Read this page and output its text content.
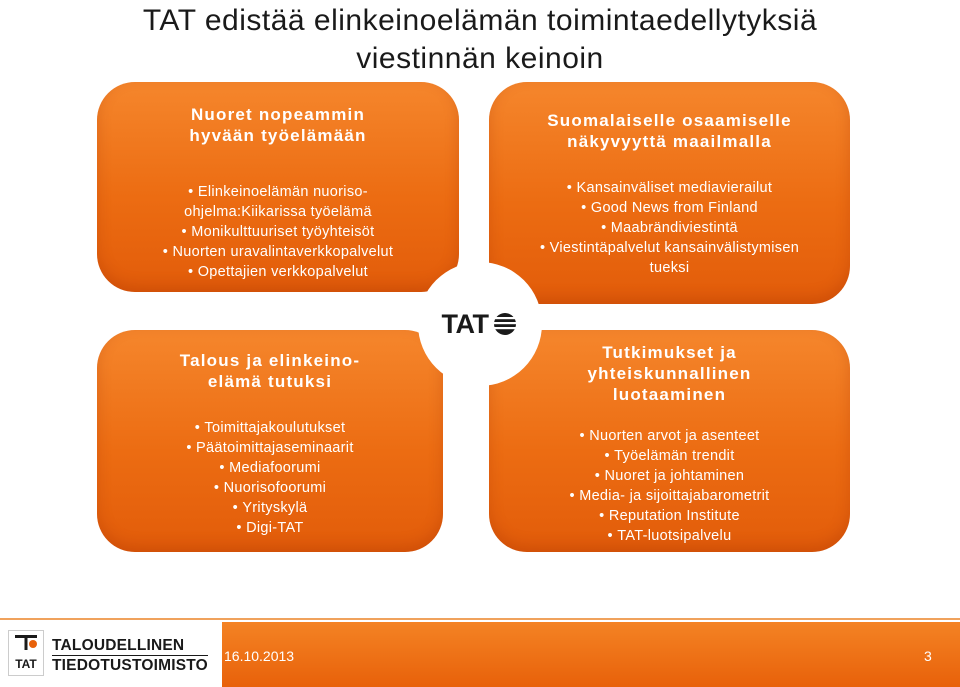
TAT edistää elinkeinoelämän toimintaedellytyksiä
viestinnän keinoin
Nuoret nopeammin
hyvään työelämään
• Elinkeinoelämän nuoriso-
ohjelma:Kiikarissa työelämä
• Monikulttuuriset työyhteisöt
• Nuorten uravalintaverkkopalvelut
• Opettajien verkkopalvelut
Suomalaiselle osaamiselle
näkyvyyttä maailmalla
• Kansainväliset mediavierailut
• Good News from Finland
• Maabrändiviestintä
• Viestintäpalvelut kansainvälistymisen
tueksi
Talous ja elinkeino-
elämä tutuksi
• Toimittajakoulutukset
• Päätoimittajaseminaarit
• Mediafoorumi
• Nuorisofoorumi
• Yrityskylä
• Digi-TAT
Tutkimukset ja
yhteiskunnallinen
luotaaminen
• Nuorten arvot ja asenteet
• Työelämän trendit
• Nuoret ja johtaminen
• Media- ja sijoittajabarometrit
• Reputation Institute
• TAT-luotsipalvelu
TAT
TAT
TALOUDELLINEN
TIEDOTUSTOIMISTO
16.10.2013	3
